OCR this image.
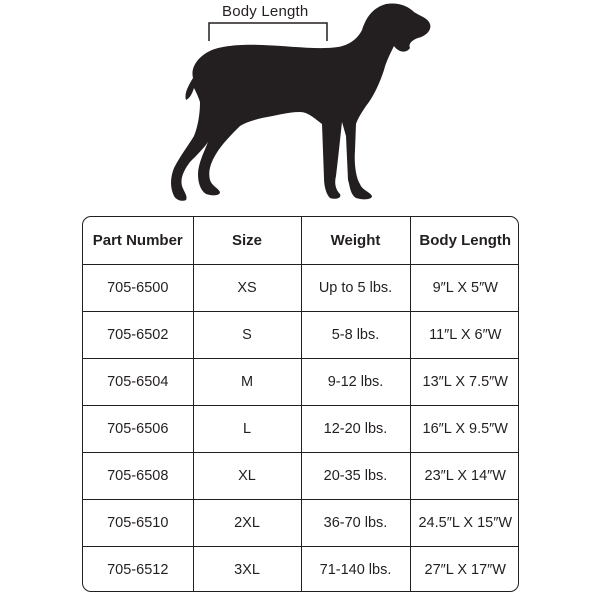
Body Length
Part Number	Size	Weight	Body Length
705-6500	XS	Up to 5 lbs.	9″L X 5″W
705-6502	S	5-8 lbs.	11″L X 6″W
705-6504	M	9-12 lbs.	13″L X 7.5″W
705-6506	L	12-20 lbs.	16″L X 9.5″W
705-6508	XL	20-35 lbs.	23″L X 14″W
705-6510	2XL	36-70 lbs.	24.5″L X 15″W
705-6512	3XL	71-140 lbs.	27″L X 17″W
